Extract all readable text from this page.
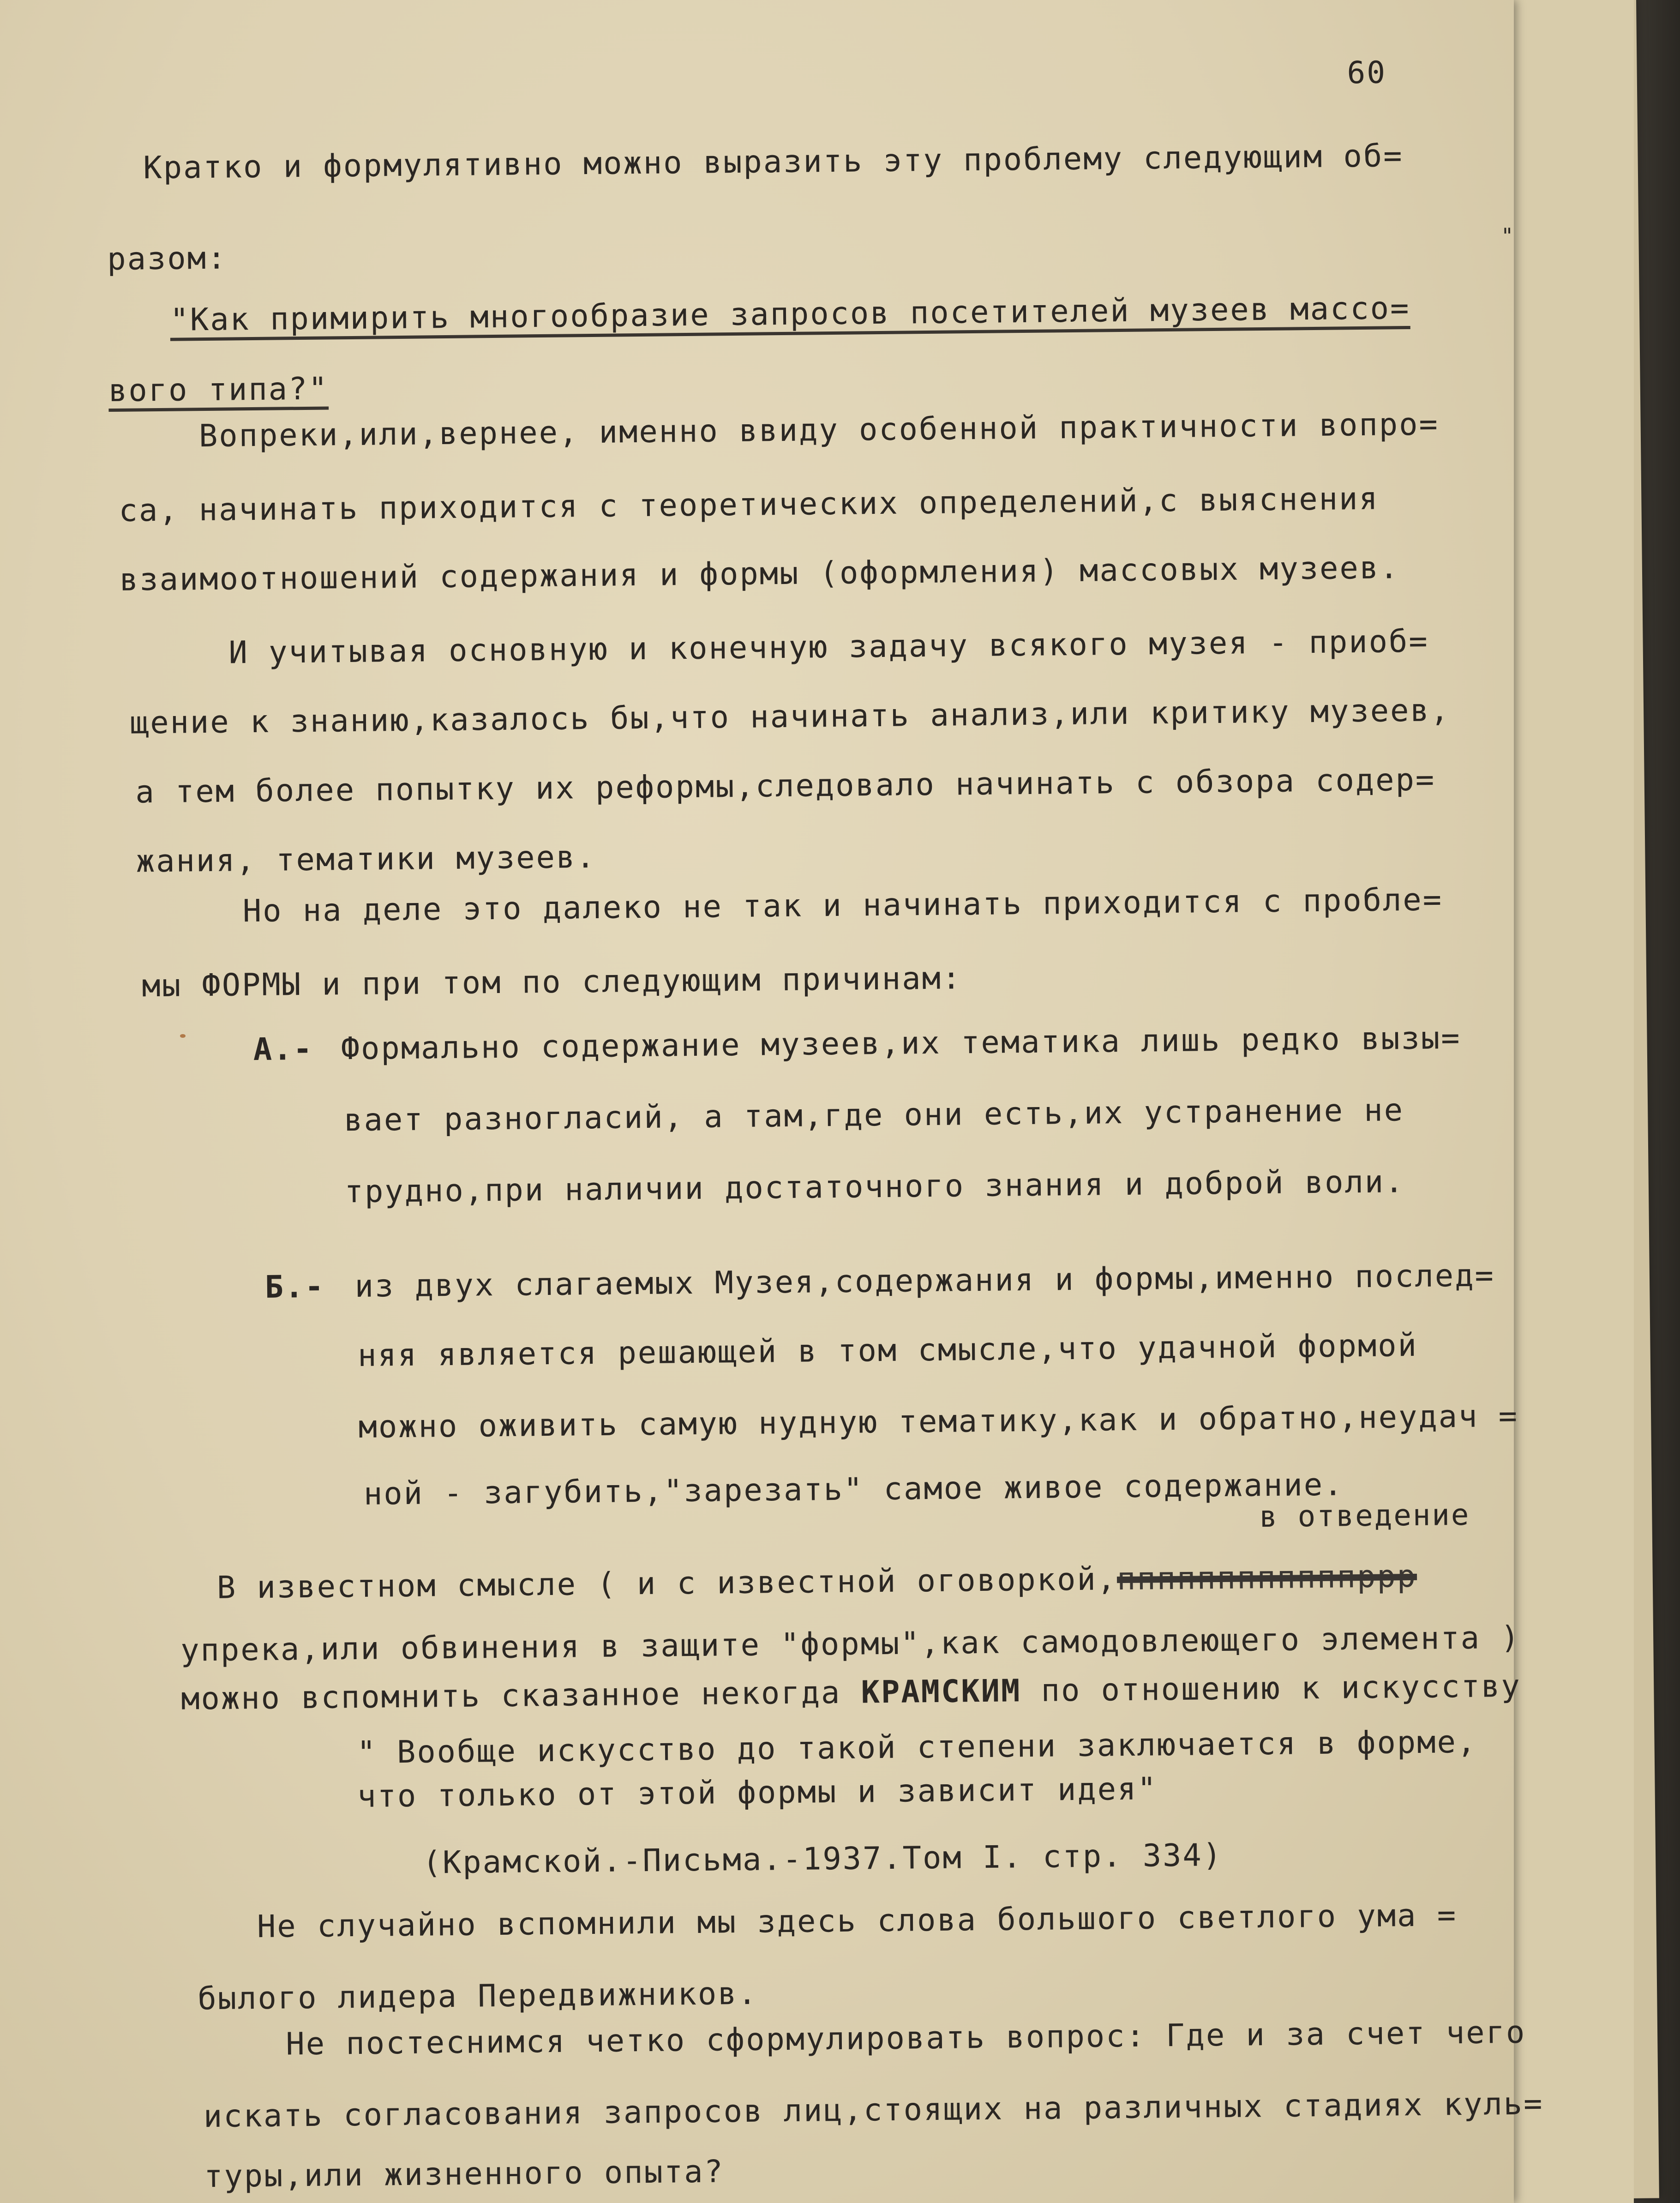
60
"
Кратко и формулятивно можно выразить эту проблему следующим об=
разом:
"Как примирить многообразие запросов посетителей музеев массо=
вого типа?"
Вопреки,или,вернее, именно ввиду особенной практичности вопро=
са, начинать приходится с теоретических определений,с выяснения
взаимоотношений содержания и формы (оформления) массовых музеев.
И учитывая основную и конечную задачу всякого музея - приоб=
щение к знанию,казалось бы,что начинать анализ,или критику музеев,
а тем более попытку их реформы,следовало начинать с обзора содер=
жания, тематики музеев.
Но на деле это далеко не так и начинать приходится с пробле=
мы ФОРМЫ и при том по следующим причинам:
А.- Формально содержание музеев,их тематика лишь редко вызы=
вает разногласий, а там,где они есть,их устранение не
трудно,при наличии достаточного знания и доброй воли.
Б.- из двух слагаемых Музея,содержания и формы,именно послед=
няя является решающей в том смысле,что удачной формой
можно оживить самую нудную тематику,как и обратно,неудач =
ной - загубить,"зарезать" самое живое содержание.
в отведение
В известном смысле ( и с известной оговоркой,ппппппппппппррр
упрека,или обвинения в защите "формы",как самодовлеющего элемента )
можно вспомнить сказанное некогда КРАМСКИМ по отношению к искусству
" Вообще искусство до такой степени заключается в форме,
что только от этой формы и зависит идея"
(Крамской.-Письма.-1937.Том I. стр. 334)
Не случайно вспомнили мы здесь слова большого светлого ума =
былого лидера Передвижников.
Не постеснимся четко сформулировать вопрос: Где и за счет чего
искать согласования запросов лиц,стоящих на различных стадиях куль=
туры,или жизненного опыта?
